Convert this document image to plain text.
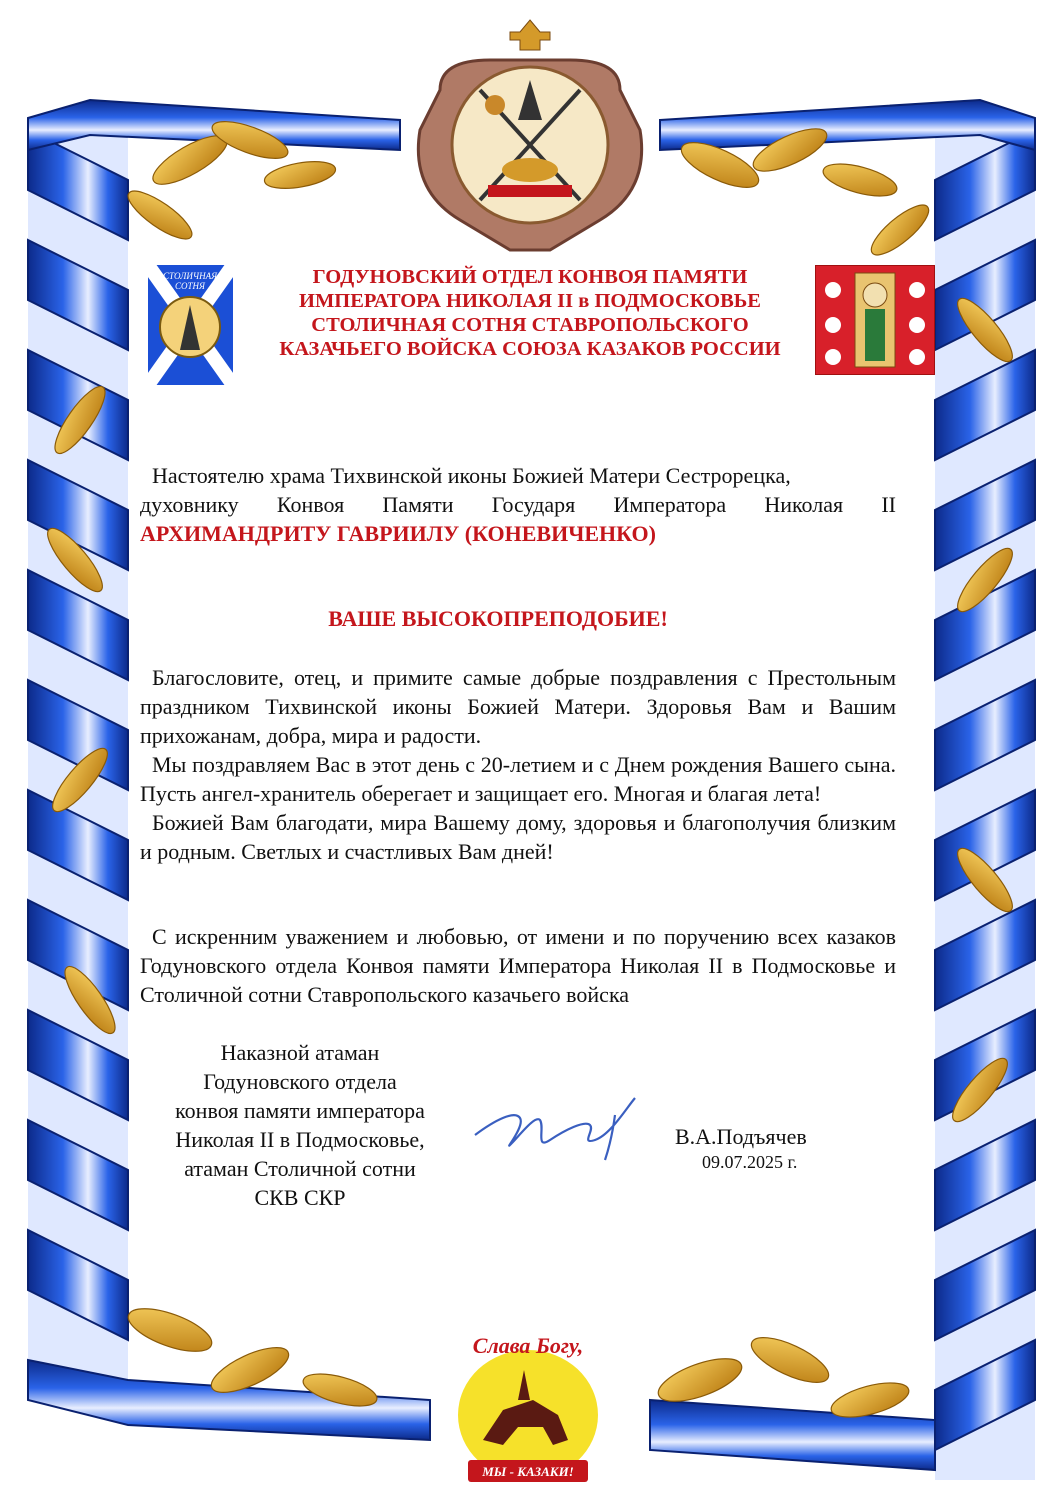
СТОЛИЧНАЯ
СОТНЯ	ГОДУНОВСКИЙ ОТДЕЛ КОНВОЯ ПАМЯТИ
ИМПЕРАТОРА НИКОЛАЯ II в ПОДМОСКОВЬЕ
СТОЛИЧНАЯ СОТНЯ СТАВРОПОЛЬСКОГО
КАЗАЧЬЕГО ВОЙСКА СОЮЗА КАЗАКОВ РОССИИ

Настоятелю храма Тихвинской иконы Божией Матери Сестрорецка,

духовнику Конвоя Памяти Государя Императора Николая II

АРХИМАНДРИТУ ГАВРИИЛУ (КОНЕВИЧЕНКО)

ВАШЕ ВЫСОКОПРЕПОДОБИЕ!

Благословите, отец, и примите самые добрые поздравления с Престольным праздником Тихвинской иконы Божией Матери. Здоровья Вам и Вашим прихожанам, добра, мира и радости.

Мы поздравляем Вас в этот день с 20-летием и с Днем рождения Вашего сына. Пусть ангел-хранитель оберегает и защищает его. Многая и благая лета!

Божией Вам благодати, мира Вашему дому, здоровья и благополучия близким и родным. Светлых и счастливых Вам дней!

С искренним уважением и любовью, от имени и по поручению всех казаков Годуновского отдела Конвоя памяти Императора Николая II в Подмосковье и Столичной сотни Ставропольского казачьего войска

Наказной атаман
Годуновского отдела
конвоя памяти императора
Николая II в Подмосковье,
атаман Столичной сотни
СКВ СКР
В.А.Подъячев
09.07.2025 г.
Слава Богу,
МЫ - КАЗАКИ!
